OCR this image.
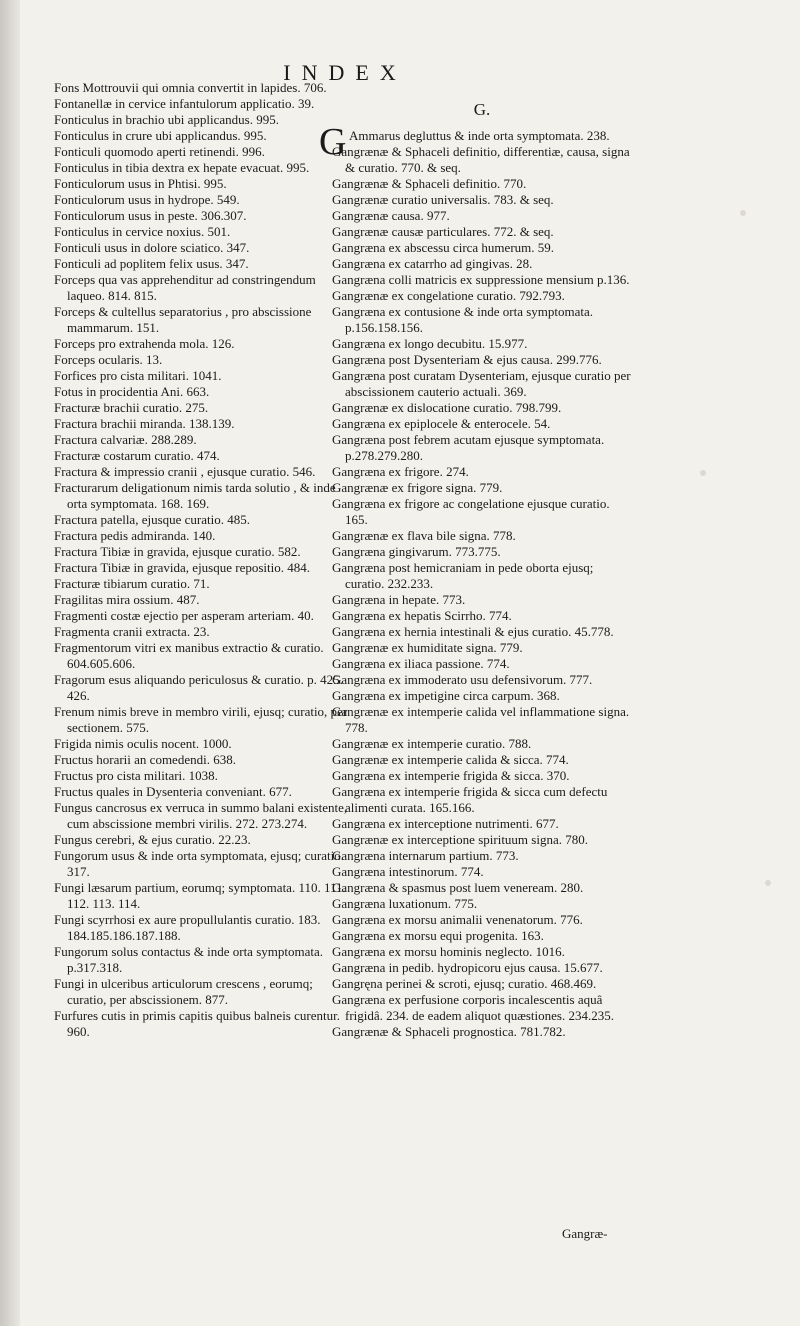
INDEX
Fons Mottrouvii qui omnia convertit in lapides. 706.
Fontanellæ in cervice infantulorum applicatio. 39.
Fonticulus in brachio ubi applicandus. 995.
Fonticulus in crure ubi applicandus. 995.
Fonticuli quomodo aperti retinendi. 996.
Fonticulus in tibia dextra ex hepate evacuat. 995.
Fonticulorum usus in Phtisi. 995.
Fonticulorum usus in hydrope. 549.
Fonticulorum usus in peste. 306.307.
Fonticulus in cervice noxius. 501.
Fonticuli usus in dolore sciatico. 347.
Fonticuli ad poplitem felix usus. 347.
Forceps qua vas apprehenditur ad constringendum laqueo. 814. 815.
Forceps & cultellus separatorius , pro abscissione mammarum. 151.
Forceps pro extrahenda mola. 126.
Forceps ocularis. 13.
Forfices pro cista militari. 1041.
Fotus in procidentia Ani. 663.
Fracturæ brachii curatio. 275.
Fractura brachii miranda. 138.139.
Fractura calvariæ. 288.289.
Fracturæ costarum curatio. 474.
Fractura & impressio cranii , ejusque curatio. 546.
Fracturarum deligationum nimis tarda solutio , & inde orta symptomata. 168. 169.
Fractura patella, ejusque curatio. 485.
Fractura pedis admiranda. 140.
Fractura Tibiæ in gravida, ejusque curatio. 582.
Fractura Tibiæ in gravida, ejusque repositio. 484.
Fracturæ tibiarum curatio. 71.
Fragilitas mira ossium. 487.
Fragmenti costæ ejectio per asperam arteriam. 40.
Fragmenta cranii extracta. 23.
Fragmentorum vitri ex manibus extractio & curatio. 604.605.606.
Fragorum esus aliquando periculosus & curatio. p. 425. 426.
Frenum nimis breve in membro virili, ejusq; curatio, per sectionem. 575.
Frigida nimis oculis nocent. 1000.
Fructus horarii an comedendi. 638.
Fructus pro cista militari. 1038.
Fructus quales in Dysenteria conveniant. 677.
Fungus cancrosus ex verruca in summo balani existente, cum abscissione membri virilis. 272. 273.274.
Fungus cerebri, & ejus curatio. 22.23.
Fungorum usus & inde orta symptomata, ejusq; curatio. 317.
Fungi læsarum partium, eorumq; symptomata. 110. 111. 112. 113. 114.
Fungi scyrrhosi ex aure propullulantis curatio. 183. 184.185.186.187.188.
Fungorum solus contactus & inde orta symptomata. p.317.318.
Fungi in ulceribus articulorum crescens , eorumq; curatio, per abscissionem. 877.
Furfures cutis in primis capitis quibus balneis curentur. 960.
G.
G Ammarus degluttus & inde orta symptomata. 238.
Gangrænæ & Sphaceli definitio, differentiæ, causa, signa & curatio. 770. & seq.
Gangrænæ & Sphaceli definitio. 770.
Gangrænæ curatio universalis. 783. & seq.
Gangrænæ causa. 977.
Gangrænæ causæ particulares. 772. & seq.
Gangræna ex abscessu circa humerum. 59.
Gangræna ex catarrho ad gingivas. 28.
Gangræna colli matricis ex suppressione mensium p.136.
Gangrænæ ex congelatione curatio. 792.793.
Gangræna ex contusione & inde orta symptomata. p.156.158.156.
Gangræna ex longo decubitu. 15.977.
Gangræna post Dysenteriam & ejus causa. 299.776.
Gangræna post curatam Dysenteriam, ejusque curatio per abscissionem cauterio actuali. 369.
Gangrænæ ex dislocatione curatio. 798.799.
Gangræna ex epiplocele & enterocele. 54.
Gangræna post febrem acutam ejusque symptomata. p.278.279.280.
Gangræna ex frigore. 274.
Gangrænæ ex frigore signa. 779.
Gangræna ex frigore ac congelatione ejusque curatio. 165.
Gangrænæ ex flava bile signa. 778.
Gangræna gingivarum. 773.775.
Gangræna post hemicraniam in pede oborta ejusq; curatio. 232.233.
Gangræna in hepate. 773.
Gangræna ex hepatis Scirrho. 774.
Gangræna ex hernia intestinali & ejus curatio. 45.778.
Gangrænæ ex humiditate signa. 779.
Gangræna ex iliaca passione. 774.
Gangræna ex immoderato usu defensivorum. 777.
Gangræna ex impetigine circa carpum. 368.
Gangrænæ ex intemperie calida vel inflammatione signa. 778.
Gangrænæ ex intemperie curatio. 788.
Gangrænæ ex intemperie calida & sicca. 774.
Gangræna ex intemperie frigida & sicca. 370.
Gangræna ex intemperie frigida & sicca cum defectu alimenti curata. 165.166.
Gangræna ex interceptione nutrimenti. 677.
Gangrænæ ex interceptione spirituum signa. 780.
Gangræna internarum partium. 773.
Gangræna intestinorum. 774.
Gangræna & spasmus post luem veneream. 280.
Gangræna luxationum. 775.
Gangræna ex morsu animalii venenatorum. 776.
Gangræna ex morsu equi progenita. 163.
Gangræna ex morsu hominis neglecto. 1016.
Gangræna in pedib. hydropicoru ejus causa. 15.677.
Gangręna perinei & scroti, ejusq; curatio. 468.469.
Gangræna ex perfusione corporis incalescentis aquâ frigidâ. 234. de eadem aliquot quæstiones. 234.235.
Gangrænæ & Sphaceli prognostica. 781.782.
Gangræ-
